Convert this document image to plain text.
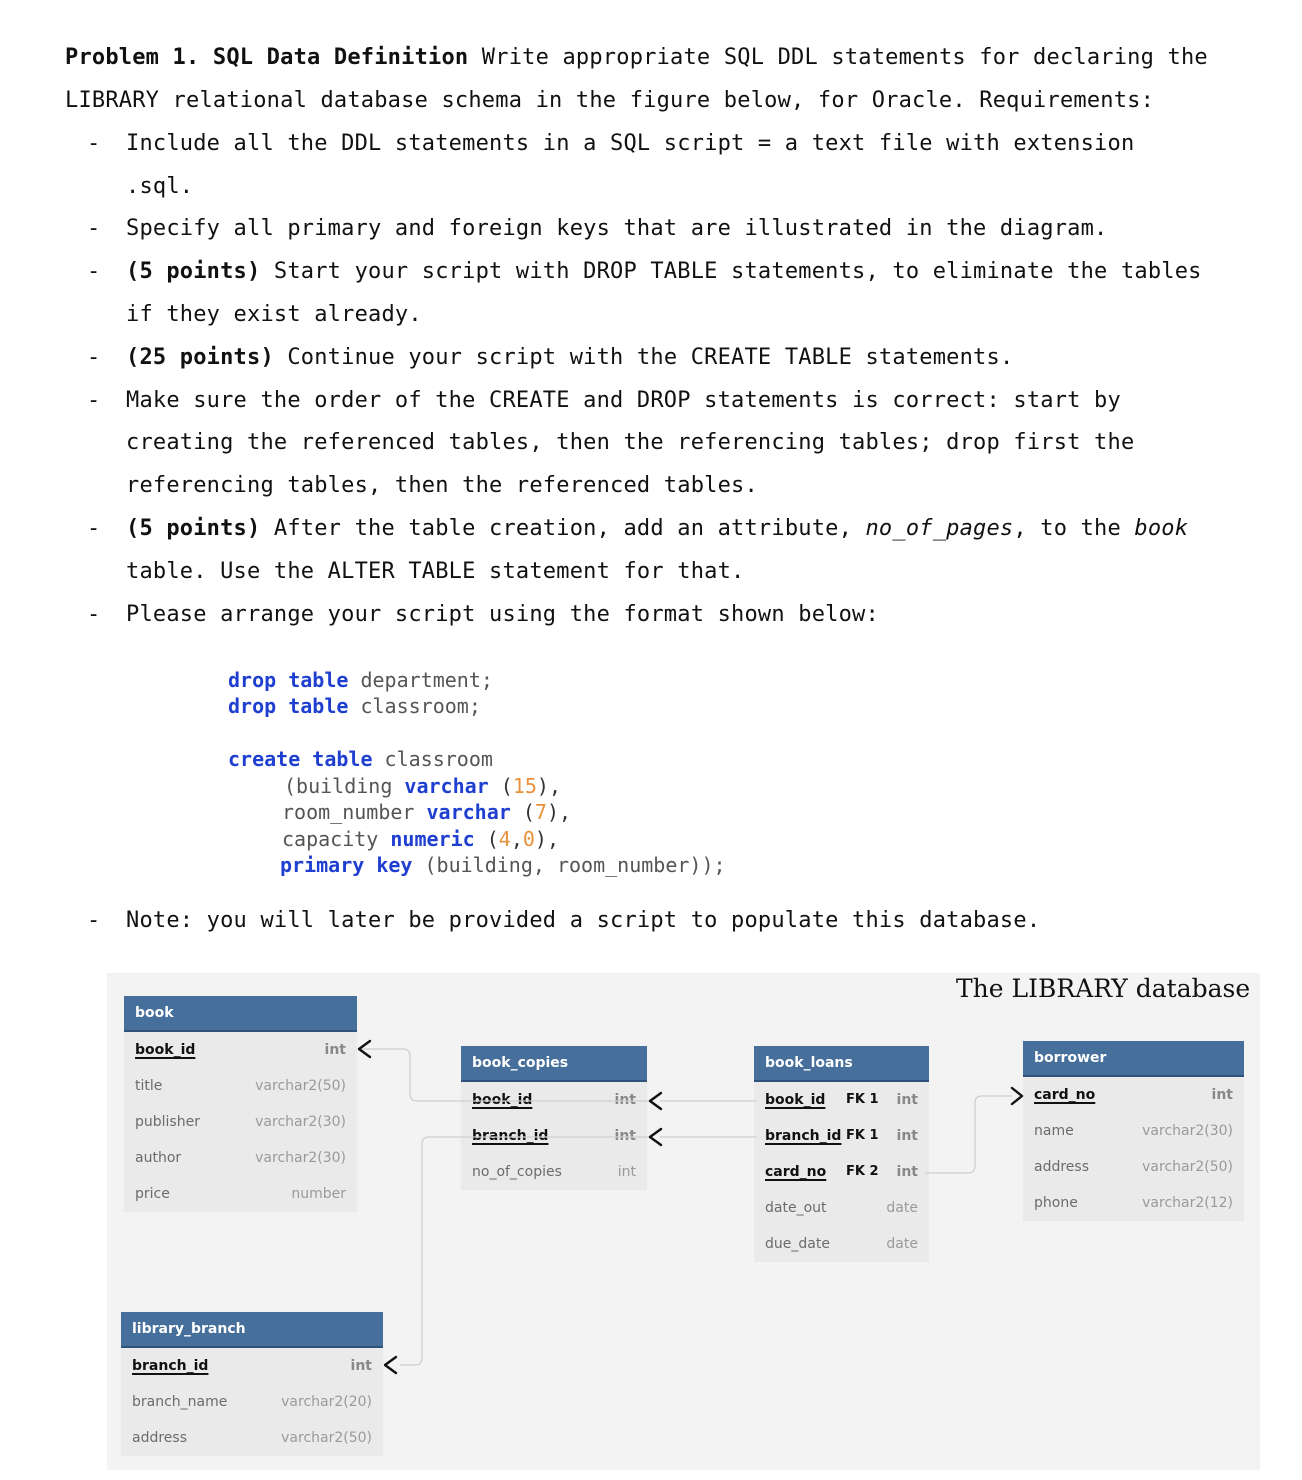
Problem 1. SQL Data Definition Write appropriate SQL DDL statements for declaring the
LIBRARY relational database schema in the figure below, for Oracle. Requirements:
- Include all the DDL statements in a SQL script = a text file with extension
.sql.
- Specify all primary and foreign keys that are illustrated in the diagram.
- (5 points) Start your script with DROP TABLE statements, to eliminate the tables
if they exist already.
- (25 points) Continue your script with the CREATE TABLE statements.
- Make sure the order of the CREATE and DROP statements is correct: start by
creating the referenced tables, then the referencing tables; drop first the
referencing tables, then the referenced tables.
- (5 points) After the table creation, add an attribute, no_of_pages, to the book
table. Use the ALTER TABLE statement for that.
- Please arrange your script using the format shown below:
drop table department;
drop table classroom;
create table classroom
(building varchar (15),
room_number varchar (7),
capacity numeric (4,0),
primary key (building, room_number));
- Note: you will later be provided a script to populate this database.
The LIBRARY database
book
book_id	int
title	varchar2(50)
publisher	varchar2(30)
author	varchar2(30)
price	number
book_copies
book_id	int
branch_id	int
no_of_copies	int
book_loans
book_id FK 1 int
branch_id FK 1 int
card_no FK 2 int
date_out	date
due_date	date
borrower
card_no	int
name	varchar2(30)
address	varchar2(50)
phone	varchar2(12)
library_branch
branch_id	int
branch_name	varchar2(20)
address	varchar2(50)
